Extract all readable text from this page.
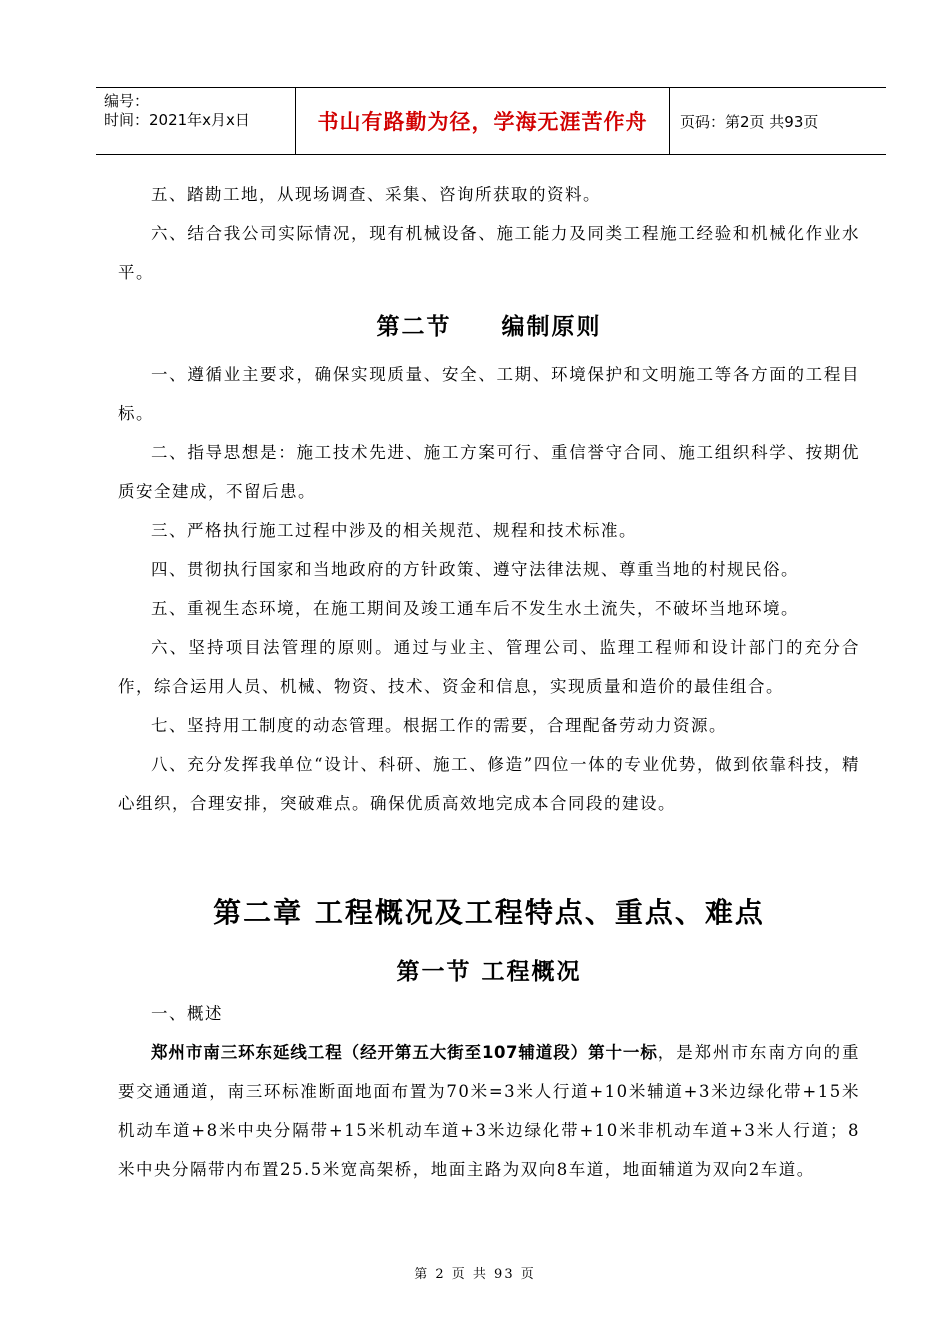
编号：
时间：2021年x月x日	书山有路勤为径，学海无涯苦作舟	页码：第2页 共93页

五、踏勘工地，从现场调查、采集、咨询所获取的资料。

六、结合我公司实际情况，现有机械设备、施工能力及同类工程施工经验和机械化作业水平。

第二节　　编制原则

一、遵循业主要求，确保实现质量、安全、工期、环境保护和文明施工等各方面的工程目标。

二、指导思想是：施工技术先进、施工方案可行、重信誉守合同、施工组织科学、按期优质安全建成，不留后患。

三、严格执行施工过程中涉及的相关规范、规程和技术标准。

四、贯彻执行国家和当地政府的方针政策、遵守法律法规、尊重当地的村规民俗。

五、重视生态环境，在施工期间及竣工通车后不发生水土流失，不破坏当地环境。

六、坚持项目法管理的原则。通过与业主、管理公司、监理工程师和设计部门的充分合作，综合运用人员、机械、物资、技术、资金和信息，实现质量和造价的最佳组合。

七、坚持用工制度的动态管理。根据工作的需要，合理配备劳动力资源。

八、充分发挥我单位“设计、科研、施工、修造”四位一体的专业优势，做到依靠科技，精心组织，合理安排，突破难点。确保优质高效地完成本合同段的建设。

第二章 工程概况及工程特点、重点、难点
第一节 工程概况

一、概述

郑州市南三环东延线工程（经开第五大街至107辅道段）第十一标，是郑州市东南方向的重要交通通道，南三环标准断面地面布置为70米=3米人行道+10米辅道+3米边绿化带+15米机动车道+8米中央分隔带+15米机动车道+3米边绿化带+10米非机动车道+3米人行道；8米中央分隔带内布置25.5米宽高架桥，地面主路为双向8车道，地面辅道为双向2车道。

第 2 页 共 93 页
